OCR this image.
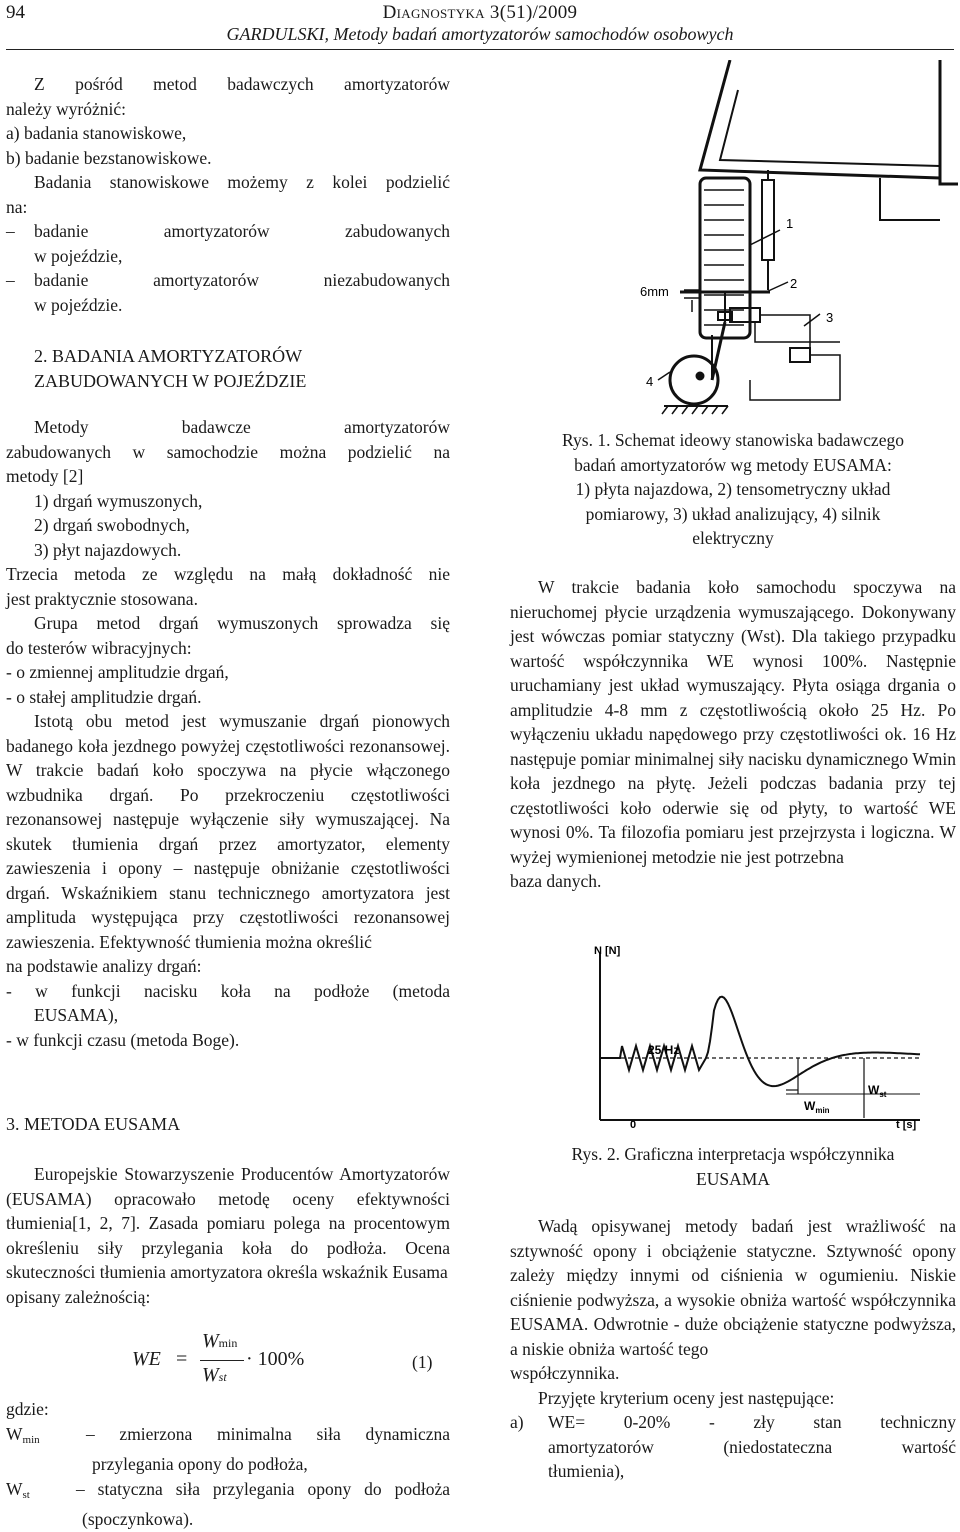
94	Diagnostyka 3(51)/2009
GARDULSKI, Metody badań amortyzatorów samochodów osobowych
Z pośród metod badawczych amortyzatorów
należy wyróżnić:
a) badania stanowiskowe,
b) badanie bezstanowiskowe.
Badania stanowiskowe możemy z kolei podzielić
na:
–	badanie amortyzatorów zabudowanych
w pojeździe,
–	badanie amortyzatorów niezabudowanych
w pojeździe.
2. BADANIA AMORTYZATORÓW
ZABUDOWANYCH W POJEŹDZIE
Metody badawcze amortyzatorów
zabudowanych w samochodzie można podzielić na
metody [2]
1) drgań wymuszonych,
2) drgań swobodnych,
3) płyt najazdowych.
Trzecia metoda ze względu na małą dokładność nie
jest praktycznie stosowana.
Grupa metod drgań wymuszonych sprowadza się
do testerów wibracyjnych:
- o zmiennej amplitudzie drgań,
- o stałej amplitudzie drgań.
Istotą obu metod jest wymuszanie drgań pionowych badanego koła jezdnego powyżej częstotliwości rezonansowej. W trakcie badań koło spoczywa na płycie włączonego wzbudnika drgań. Po przekroczeniu częstotliwości rezonansowej następuje wyłączenie siły wymuszającej. Na skutek tłumienia drgań przez amortyzator, elementy zawieszenia i opony – następuje obniżanie częstotliwości drgań. Wskaźnikiem stanu technicznego amortyzatora jest amplituda występująca przy częstotliwości rezonansowej zawieszenia. Efektywność tłumienia można określić
na podstawie analizy drgań:
- w funkcji nacisku koła na podłoże (metoda
EUSAMA),
- w funkcji czasu (metoda Boge).
3. METODA EUSAMA
Europejskie Stowarzyszenie Producentów Amortyzatorów (EUSAMA) opracowało metodę oceny efektywności tłumienia[1, 2, 7]. Zasada pomiaru polega na procentowym określeniu siły przylegania koła do podłoża. Ocena skuteczności tłumienia amortyzatora określa wskaźnik Eusama
opisany zależnością:
WE =
Wmin
Wst
· 100%	(1)
gdzie:
$W_{min}$	– zmierzona minimalna siła dynamiczna
przylegania opony do podłoża,
$W_{st}$	– statyczna siła przylegania opony do podłoża
(spoczynkowa).
1
2
3
4
6mm
Rys. 1. Schemat ideowy stanowiska badawczego
badań amortyzatorów wg metody EUSAMA:
1) płyta najazdowa, 2) tensometryczny układ
pomiarowy, 3) układ analizujący, 4) silnik
elektryczny
W trakcie badania koło samochodu spoczywa na nieruchomej płycie urządzenia wymuszającego. Dokonywany jest wówczas pomiar statyczny (Wst). Dla takiego przypadku wartość współczynnika WE wynosi 100%. Następnie uruchamiany jest układ wymuszający. Płyta osiąga drgania o amplitudzie 4-8 mm z częstotliwością około 25 Hz. Po wyłączeniu układu napędowego przy częstotliwości ok. 16 Hz następuje pomiar minimalnej siły nacisku dynamicznego Wmin koła jezdnego na płytę. Jeżeli podczas badania przy tej częstotliwości koło oderwie się od płyty, to wartość WE wynosi 0%. Ta filozofia pomiaru jest przejrzysta i logiczna. W wyżej wymienionej metodzie nie jest potrzebna
baza danych.
N [N]
25 Hz
$W_{st}$
$W_{min}$
0	t [s]
Rys. 2. Graficzna interpretacja współczynnika
EUSAMA
Wadą opisywanej metody badań jest wrażliwość na sztywność opony i obciążenie statyczne. Sztywność opony zależy między innymi od ciśnienia w ogumieniu. Niskie ciśnienie podwyższa, a wysokie obniża wartość współczynnika EUSAMA. Odwrotnie - duże obciążenie statyczne podwyższa, a niskie obniża wartość tego
współczynnika.
Przyjęte kryterium oceny jest następujące:
a)	WE= 0-20% - zły stan techniczny
amortyzatorów (niedostateczna wartość
tłumienia),
